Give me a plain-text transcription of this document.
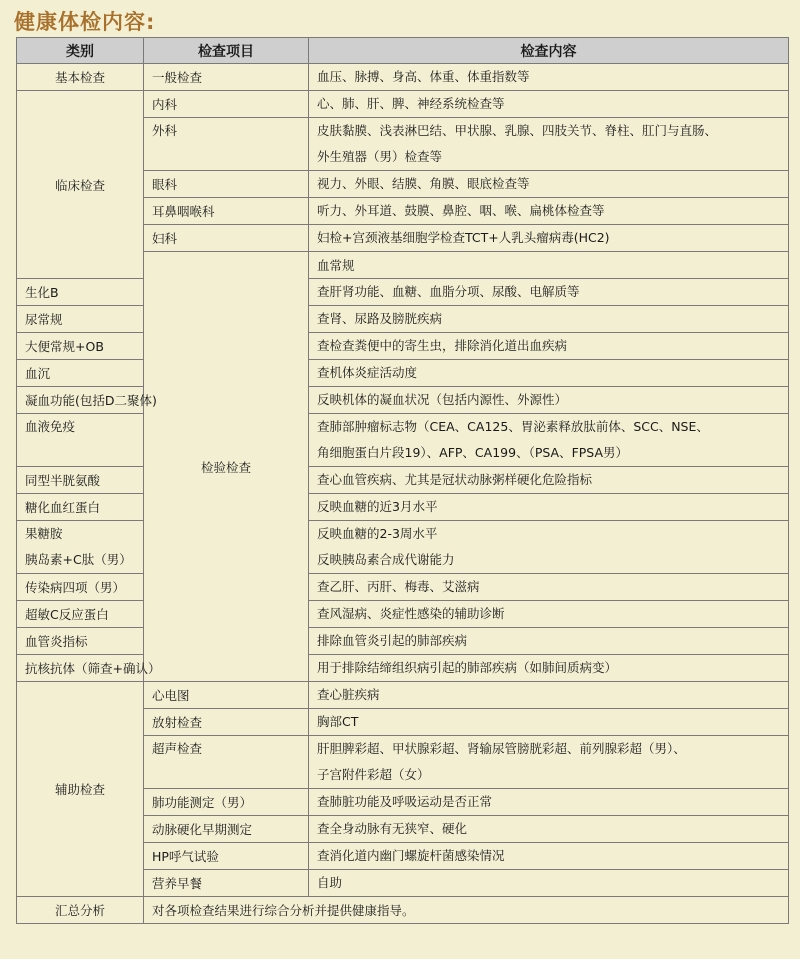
健康体检内容:
类别	检查项目	检查内容	
基本检查	一般检查	血压、脉搏、身高、体重、体重指数等	

临床检查	内科	心、肺、肝、脾、神经系统检查等	

	外科	皮肤黏膜、浅表淋巴结、甲状腺、乳腺、四肢关节、脊柱、肛门与直肠、
外生殖器（男）检查等	

	眼科	视力、外眼、结膜、角膜、眼底检查等	

	耳鼻咽喉科	听力、外耳道、鼓膜、鼻腔、咽、喉、扁桃体检查等	

	妇科	妇检+宫颈液基细胞学检查TCT+人乳头瘤病毒(HC2)	

	检验检查	血常规	

生化B		查肝肾功能、血糖、血脂分项、尿酸、电解质等	

尿常规		查肾、尿路及膀胱疾病	

大便常规+OB		查检查粪便中的寄生虫，排除消化道出血疾病	

血沉		查机体炎症活动度	

凝血功能(包括D二聚体)		反映机体的凝血状况（包括内源性、外源性）	

血液免疫		查肺部肿瘤标志物（CEA、CA125、胃泌素释放肽前体、SCC、NSE、
角细胞蛋白片段19）、AFP、CA199、（PSA、FPSA男）	

同型半胱氨酸		查心血管疾病、尤其是冠状动脉粥样硬化危险指标	

糖化血红蛋白		反映血糖的近3月水平	

果糖胺
胰岛素+C肽（男）		反映血糖的2-3周水平
反映胰岛素合成代谢能力	

传染病四项（男）		查乙肝、丙肝、梅毒、艾滋病	

超敏C反应蛋白		查风湿病、炎症性感染的辅助诊断	

血管炎指标		排除血管炎引起的肺部疾病	

抗核抗体（筛查+确认）		用于排除结缔组织病引起的肺部疾病（如肺间质病变）	

辅助检查	心电图	查心脏疾病	

	放射检查	胸部CT	

	超声检查	肝胆脾彩超、甲状腺彩超、肾输尿管膀胱彩超、前列腺彩超（男）、
子宫附件彩超（女）	

	肺功能测定（男）	查肺脏功能及呼吸运动是否正常	

	动脉硬化早期测定	查全身动脉有无狭窄、硬化	

	HP呼气试验	查消化道内幽门螺旋杆菌感染情况	

	营养早餐	自助	

汇总分析	对各项检查结果进行综合分析并提供健康指导。		
